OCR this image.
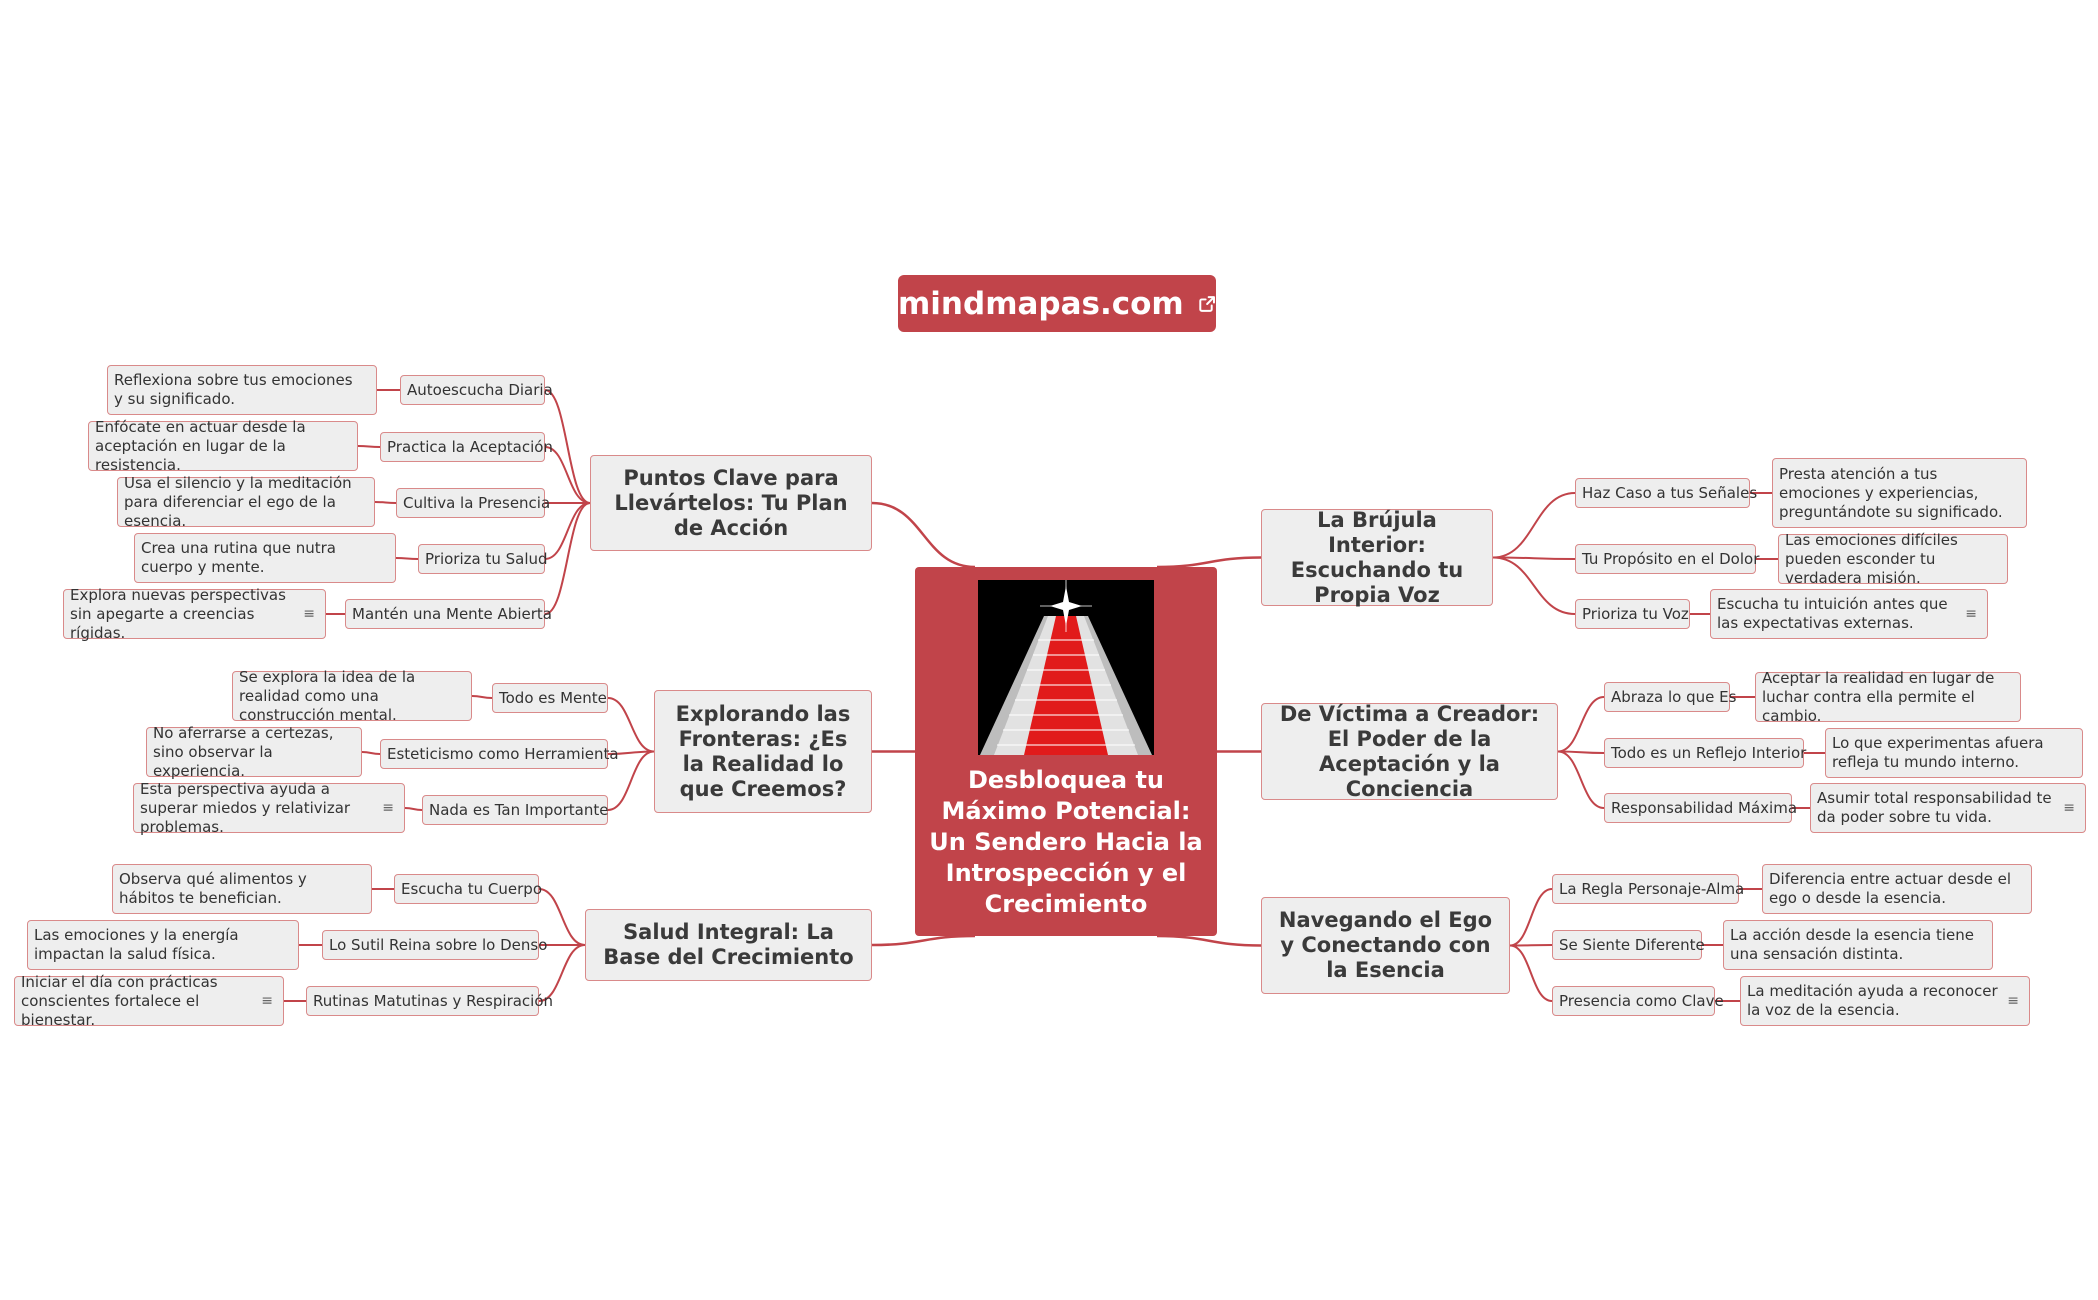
mindmapas.com
Desbloquea tu Máximo Potencial: Un Sendero Hacia la Introspección y el Crecimiento
Puntos Clave para Llevártelos: Tu Plan de Acción
Autoescucha Diaria
Reflexiona sobre tus emociones y su significado.
Practica la Aceptación
Enfócate en actuar desde la aceptación en lugar de la resistencia.
Cultiva la Presencia
Usa el silencio y la meditación para diferenciar el ego de la esencia.
Prioriza tu Salud
Crea una rutina que nutra cuerpo y mente.
Mantén una Mente Abierta
Explora nuevas perspectivas sin apegarte a creencias rígidas.
≡
Explorando las Fronteras: ¿Es la Realidad lo que Creemos?
Todo es Mente
Se explora la idea de la realidad como una construcción mental.
Esteticismo como Herramienta
No aferrarse a certezas, sino observar la experiencia.
Nada es Tan Importante
Esta perspectiva ayuda a superar miedos y relativizar problemas.
≡
Salud Integral: La Base del Crecimiento
Escucha tu Cuerpo
Observa qué alimentos y hábitos te benefician.
Lo Sutil Reina sobre lo Denso
Las emociones y la energía impactan la salud física.
Rutinas Matutinas y Respiración
Iniciar el día con prácticas conscientes fortalece el bienestar.
≡
La Brújula Interior: Escuchando tu Propia Voz
Haz Caso a tus Señales
Presta atención a tus emociones y experiencias, preguntándote su significado.
Tu Propósito en el Dolor
Las emociones difíciles pueden esconder tu verdadera misión.
Prioriza tu Voz
Escucha tu intuición antes que las expectativas externas.	≡
De Víctima a Creador: El Poder de la Aceptación y la Conciencia
Abraza lo que Es
Aceptar la realidad en lugar de luchar contra ella permite el cambio.
Todo es un Reflejo Interior
Lo que experimentas afuera refleja tu mundo interno.
Responsabilidad Máxima
Asumir total responsabilidad te da poder sobre tu vida.	≡
Navegando el Ego y Conectando con la Esencia
La Regla Personaje-Alma
Diferencia entre actuar desde el ego o desde la esencia.
Se Siente Diferente
La acción desde la esencia tiene una sensación distinta.
Presencia como Clave
La meditación ayuda a reconocer la voz de la esencia.	≡
